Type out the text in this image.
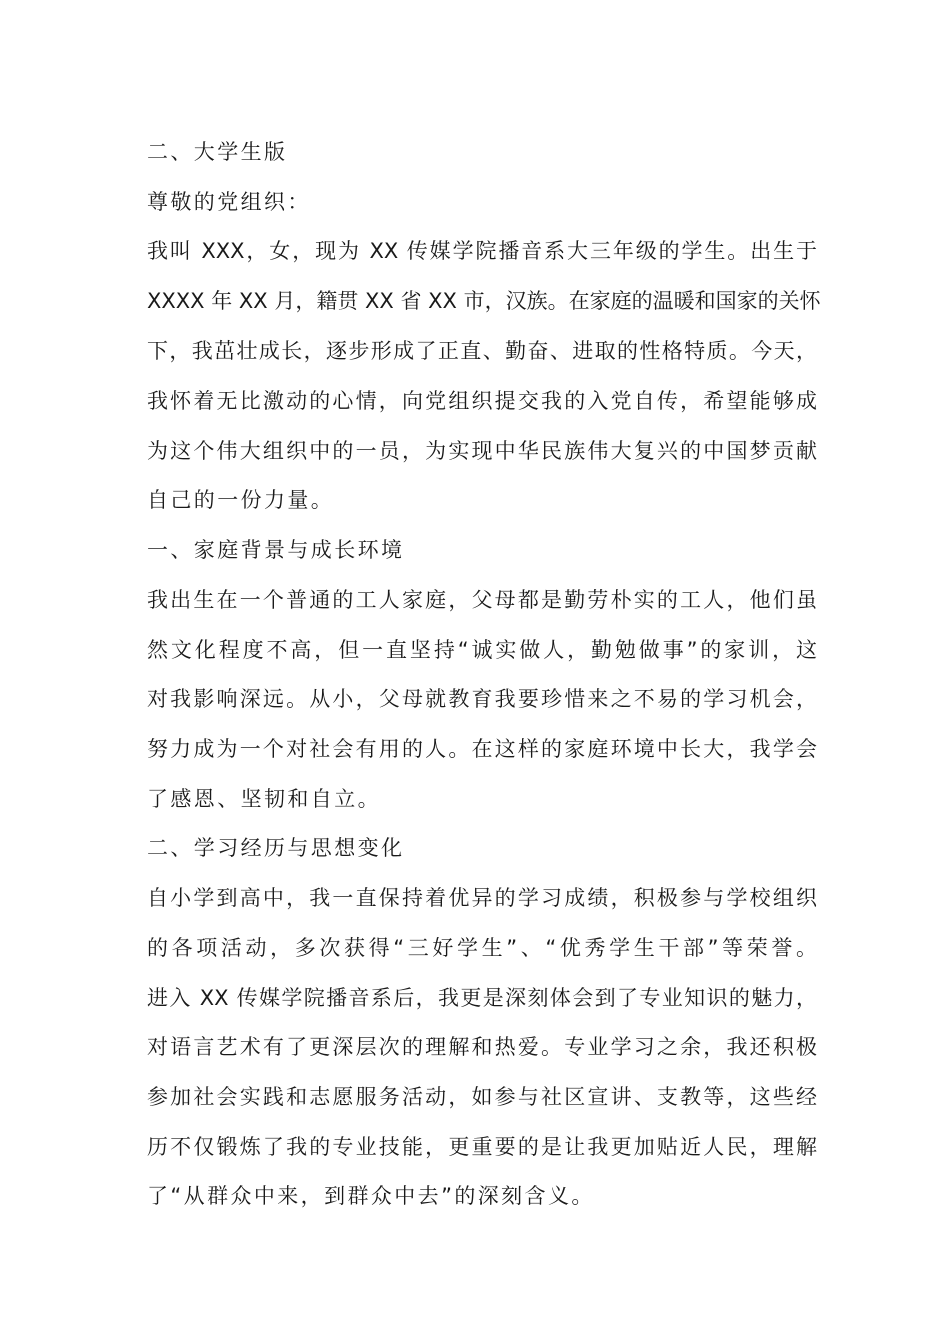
二、大学生版
尊敬的党组织：
我叫 XXX，女，现为 XX 传媒学院播音系大三年级的学生。出生于
XXXX 年 XX 月，籍贯 XX 省 XX 市，汉族。在家庭的温暖和国家的关怀
下，我茁壮成长，逐步形成了正直、勤奋、进取的性格特质。今天，
我怀着无比激动的心情，向党组织提交我的入党自传，希望能够成
为这个伟大组织中的一员，为实现中华民族伟大复兴的中国梦贡献
自己的一份力量。
一、家庭背景与成长环境
我出生在一个普通的工人家庭，父母都是勤劳朴实的工人，他们虽
然文化程度不高，但一直坚持“诚实做人，勤勉做事”的家训，这
对我影响深远。从小，父母就教育我要珍惜来之不易的学习机会，
努力成为一个对社会有用的人。在这样的家庭环境中长大，我学会
了感恩、坚韧和自立。
二、学习经历与思想变化
自小学到高中，我一直保持着优异的学习成绩，积极参与学校组织
的各项活动，多次获得“三好学生”、“优秀学生干部”等荣誉。
进入 XX 传媒学院播音系后，我更是深刻体会到了专业知识的魅力，
对语言艺术有了更深层次的理解和热爱。专业学习之余，我还积极
参加社会实践和志愿服务活动，如参与社区宣讲、支教等，这些经
历不仅锻炼了我的专业技能，更重要的是让我更加贴近人民，理解
了“从群众中来，到群众中去”的深刻含义。
